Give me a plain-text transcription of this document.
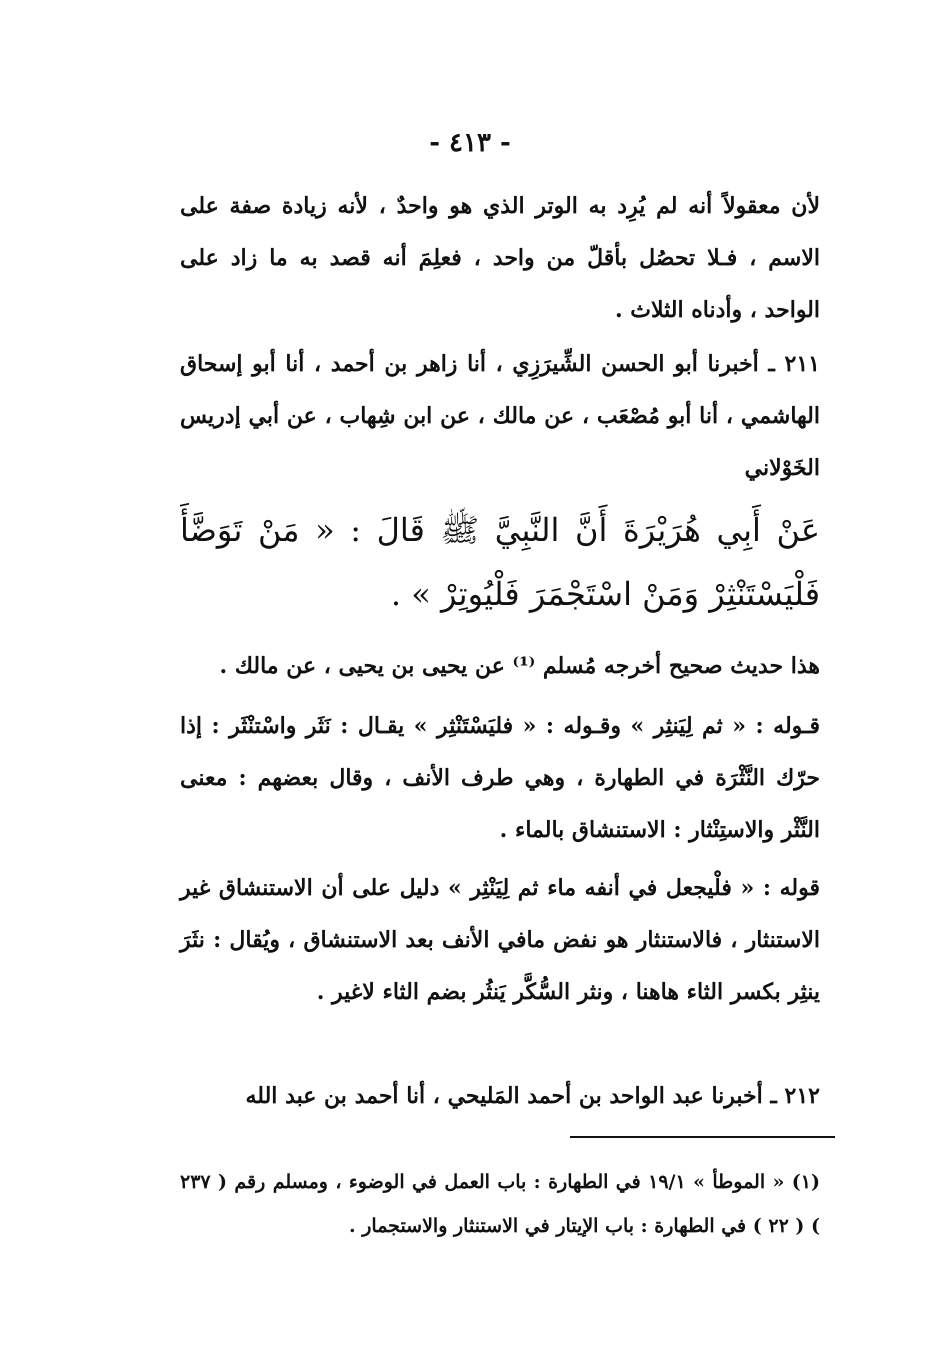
- ٤١٣ -

لأن معقولاً أنه لم يُرِد به الوتر الذي هو واحدٌ ، لأنه زيادة صفة على الاسم ، فـلا تحصُل بأقلّ من واحد ، فعلِمَ أنه قصد به ما زاد على الواحد ، وأدناه الثلاث .

٢١١ ـ أخبرنا أبو الحسن الشِّيرَزِي ، أنا زاهر بن أحمد ، أنا أبو إسحاق الهاشمي ، أنا أبو مُصْعَب ، عن مالك ، عن ابن شِهاب ، عن أبي إدريس الخَوْلاني

عَنْ أَبِي هُرَيْرَةَ أَنَّ النَّبِيَّ ﷺ قَالَ : « مَنْ تَوَضَّأَ فَلْيَسْتَنْثِرْ وَمَنْ اسْتَجْمَرَ فَلْيُوتِرْ » .

هذا حديث صحيح أخرجه مُسلم ⁽¹⁾ عن يحيى بن يحيى ، عن مالك .

قـوله : « ثم لِيَنثِر » وقـوله : « فليَسْتَنْثِر » يقـال : نَثَر واسْتنْثَر : إذا حرّك النَّثْرَة في الطهارة ، وهي طرف الأنف ، وقال بعضهم : معنى النَّثْر والاستِنْثار : الاستنشاق بالماء .

قوله : « فلْيجعل في أنفه ماء ثم لِيَنْثِر » دليل على أن الاستنشاق غير الاستنثار ، فالاستنثار هو نفض مافي الأنف بعد الاستنشاق ، ويُقال : نثَرَ ينثِر بكسر الثاء هاهنا ، ونثر السُّكَّر يَنثُر بضم الثاء لاغير .

٢١٢ ـ أخبرنا عبد الواحد بن أحمد المَليحي ، أنا أحمد بن عبد الله

(١) « الموطأ » ١٩/١ في الطهارة : باب العمل في الوضوء ، ومسلم رقم ( ٢٣٧ ) ( ٢٢ ) في الطهارة : باب الإيتار في الاستنثار والاستجمار .
